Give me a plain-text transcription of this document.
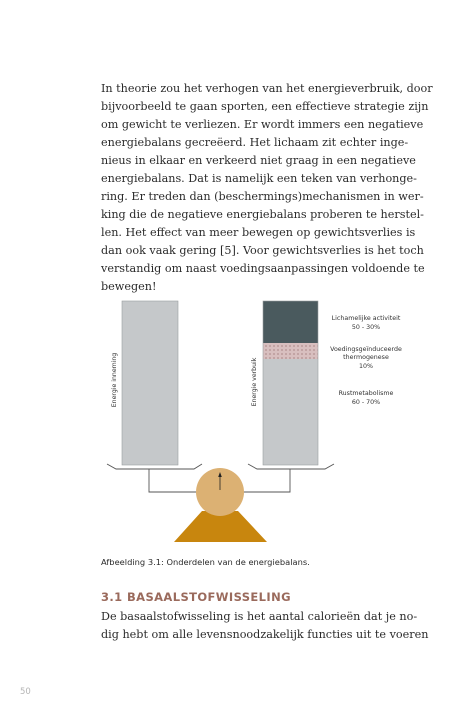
In theorie zou het verhogen van het energieverbruik, door
bijvoorbeeld te gaan sporten, een effectieve strategie zijn
om gewicht te verliezen. Er wordt immers een negatieve
energiebalans gecreëerd. Het lichaam zit echter inge-
nieus in elkaar en verkeerd niet graag in een negatieve
energiebalans. Dat is namelijk een teken van verhonge-
ring. Er treden dan (beschermings)mechanismen in wer-
king die de negatieve energiebalans proberen te herstel-
len. Het effect van meer bewegen op gewichtsverlies is
dan ook vaak gering [5]. Voor gewichtsverlies is het toch
verstandig om naast voedingsaanpassingen voldoende te
bewegen!

Energie inneming	Energie verbuik
Lichamelijke activiteit
50 - 30%
Voedingsgeïnduceerde
thermogenese
10%
Rustmetabolisme
60 - 70%
Afbeelding 3.1: Onderdelen van de energiebalans.
3.1 BASAALSTOFWISSELING

De basaalstofwisseling is het aantal calorieën dat je no-
dig hebt om alle levensnoodzakelijk functies uit te voeren

50
